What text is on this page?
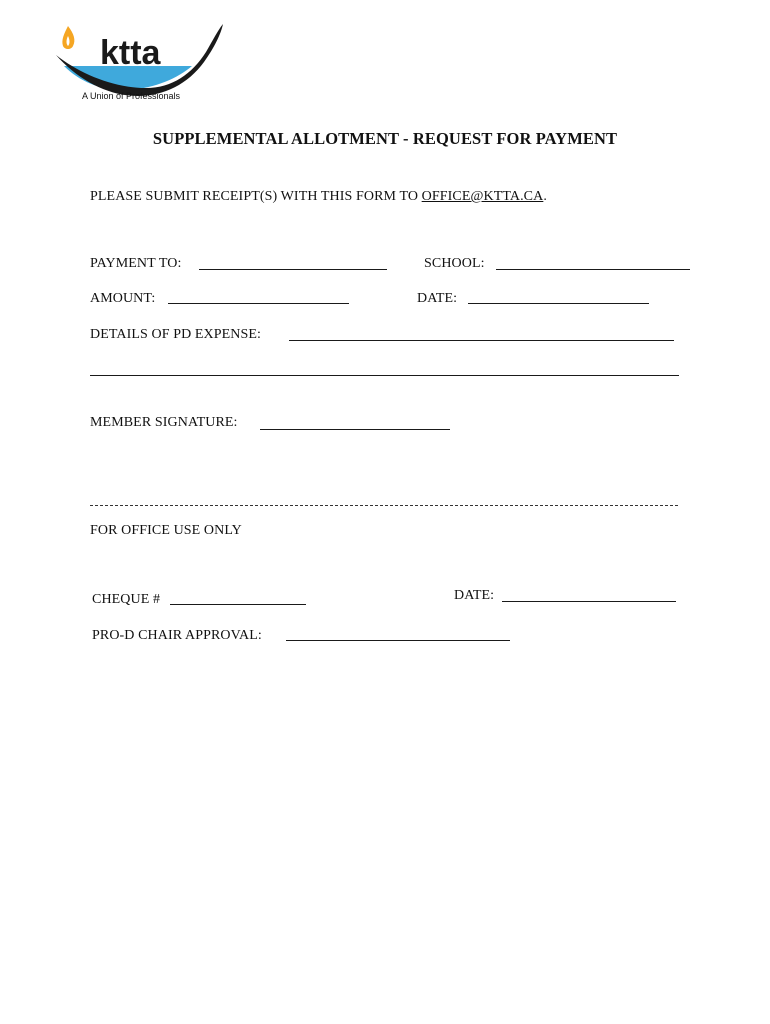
ktta
A Union of Professionals
SUPPLEMENTAL ALLOTMENT - REQUEST FOR PAYMENT
PLEASE SUBMIT RECEIPT(S) WITH THIS FORM TO OFFICE@KTTA.CA.
PAYMENT TO:	SCHOOL:
AMOUNT:	DATE:
DETAILS OF PD EXPENSE:
MEMBER SIGNATURE:
FOR OFFICE USE ONLY
CHEQUE #	DATE:
PRO-D CHAIR APPROVAL:
